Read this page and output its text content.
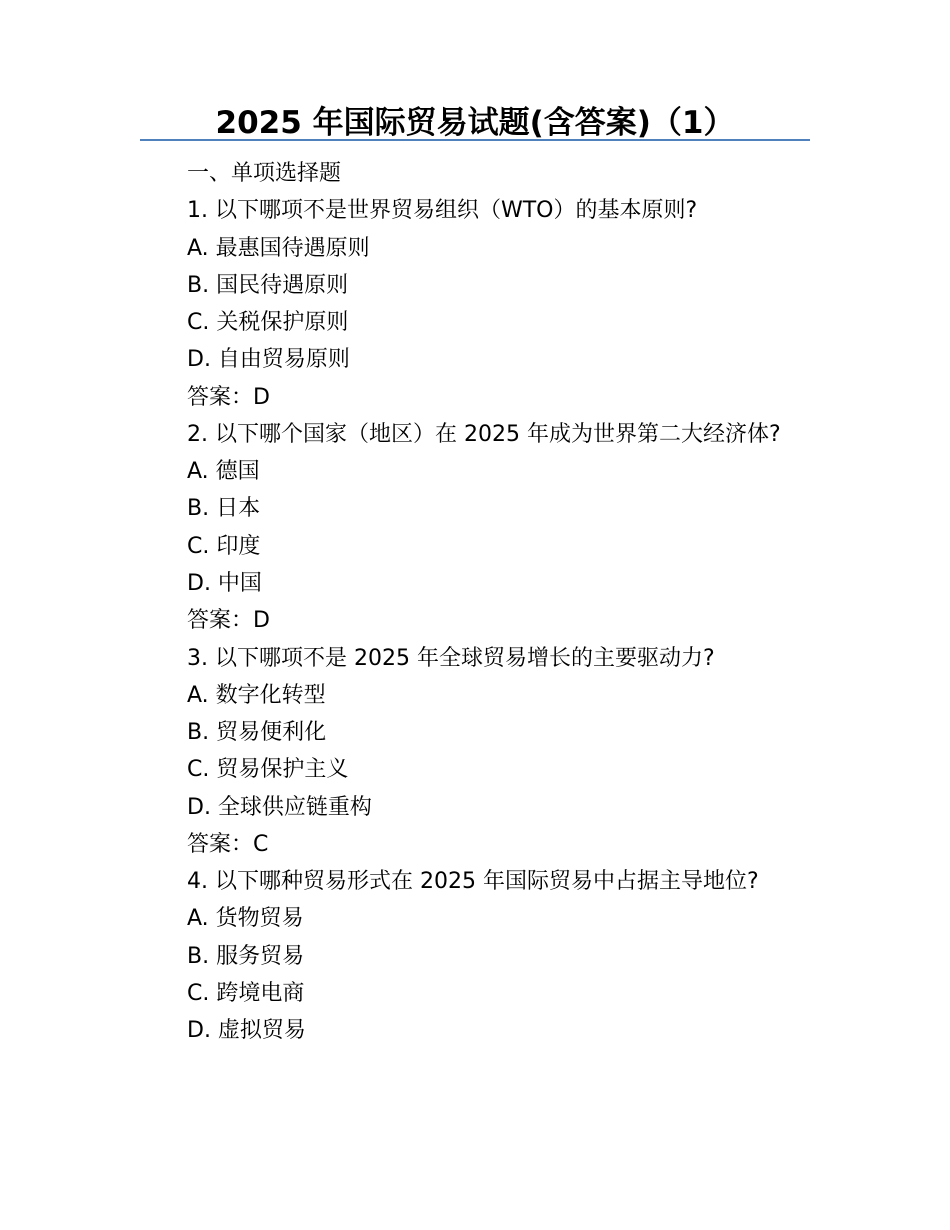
2025 年国际贸易试题(含答案)（1）
一、单项选择题
1. 以下哪项不是世界贸易组织（WTO）的基本原则?
A. 最惠国待遇原则
B. 国民待遇原则
C. 关税保护原则
D. 自由贸易原则
答案：D
2. 以下哪个国家（地区）在 2025 年成为世界第二大经济体?
A. 德国
B. 日本
C. 印度
D. 中国
答案：D
3. 以下哪项不是 2025 年全球贸易增长的主要驱动力?
A. 数字化转型
B. 贸易便利化
C. 贸易保护主义
D. 全球供应链重构
答案：C
4. 以下哪种贸易形式在 2025 年国际贸易中占据主导地位?
A. 货物贸易
B. 服务贸易
C. 跨境电商
D. 虚拟贸易
